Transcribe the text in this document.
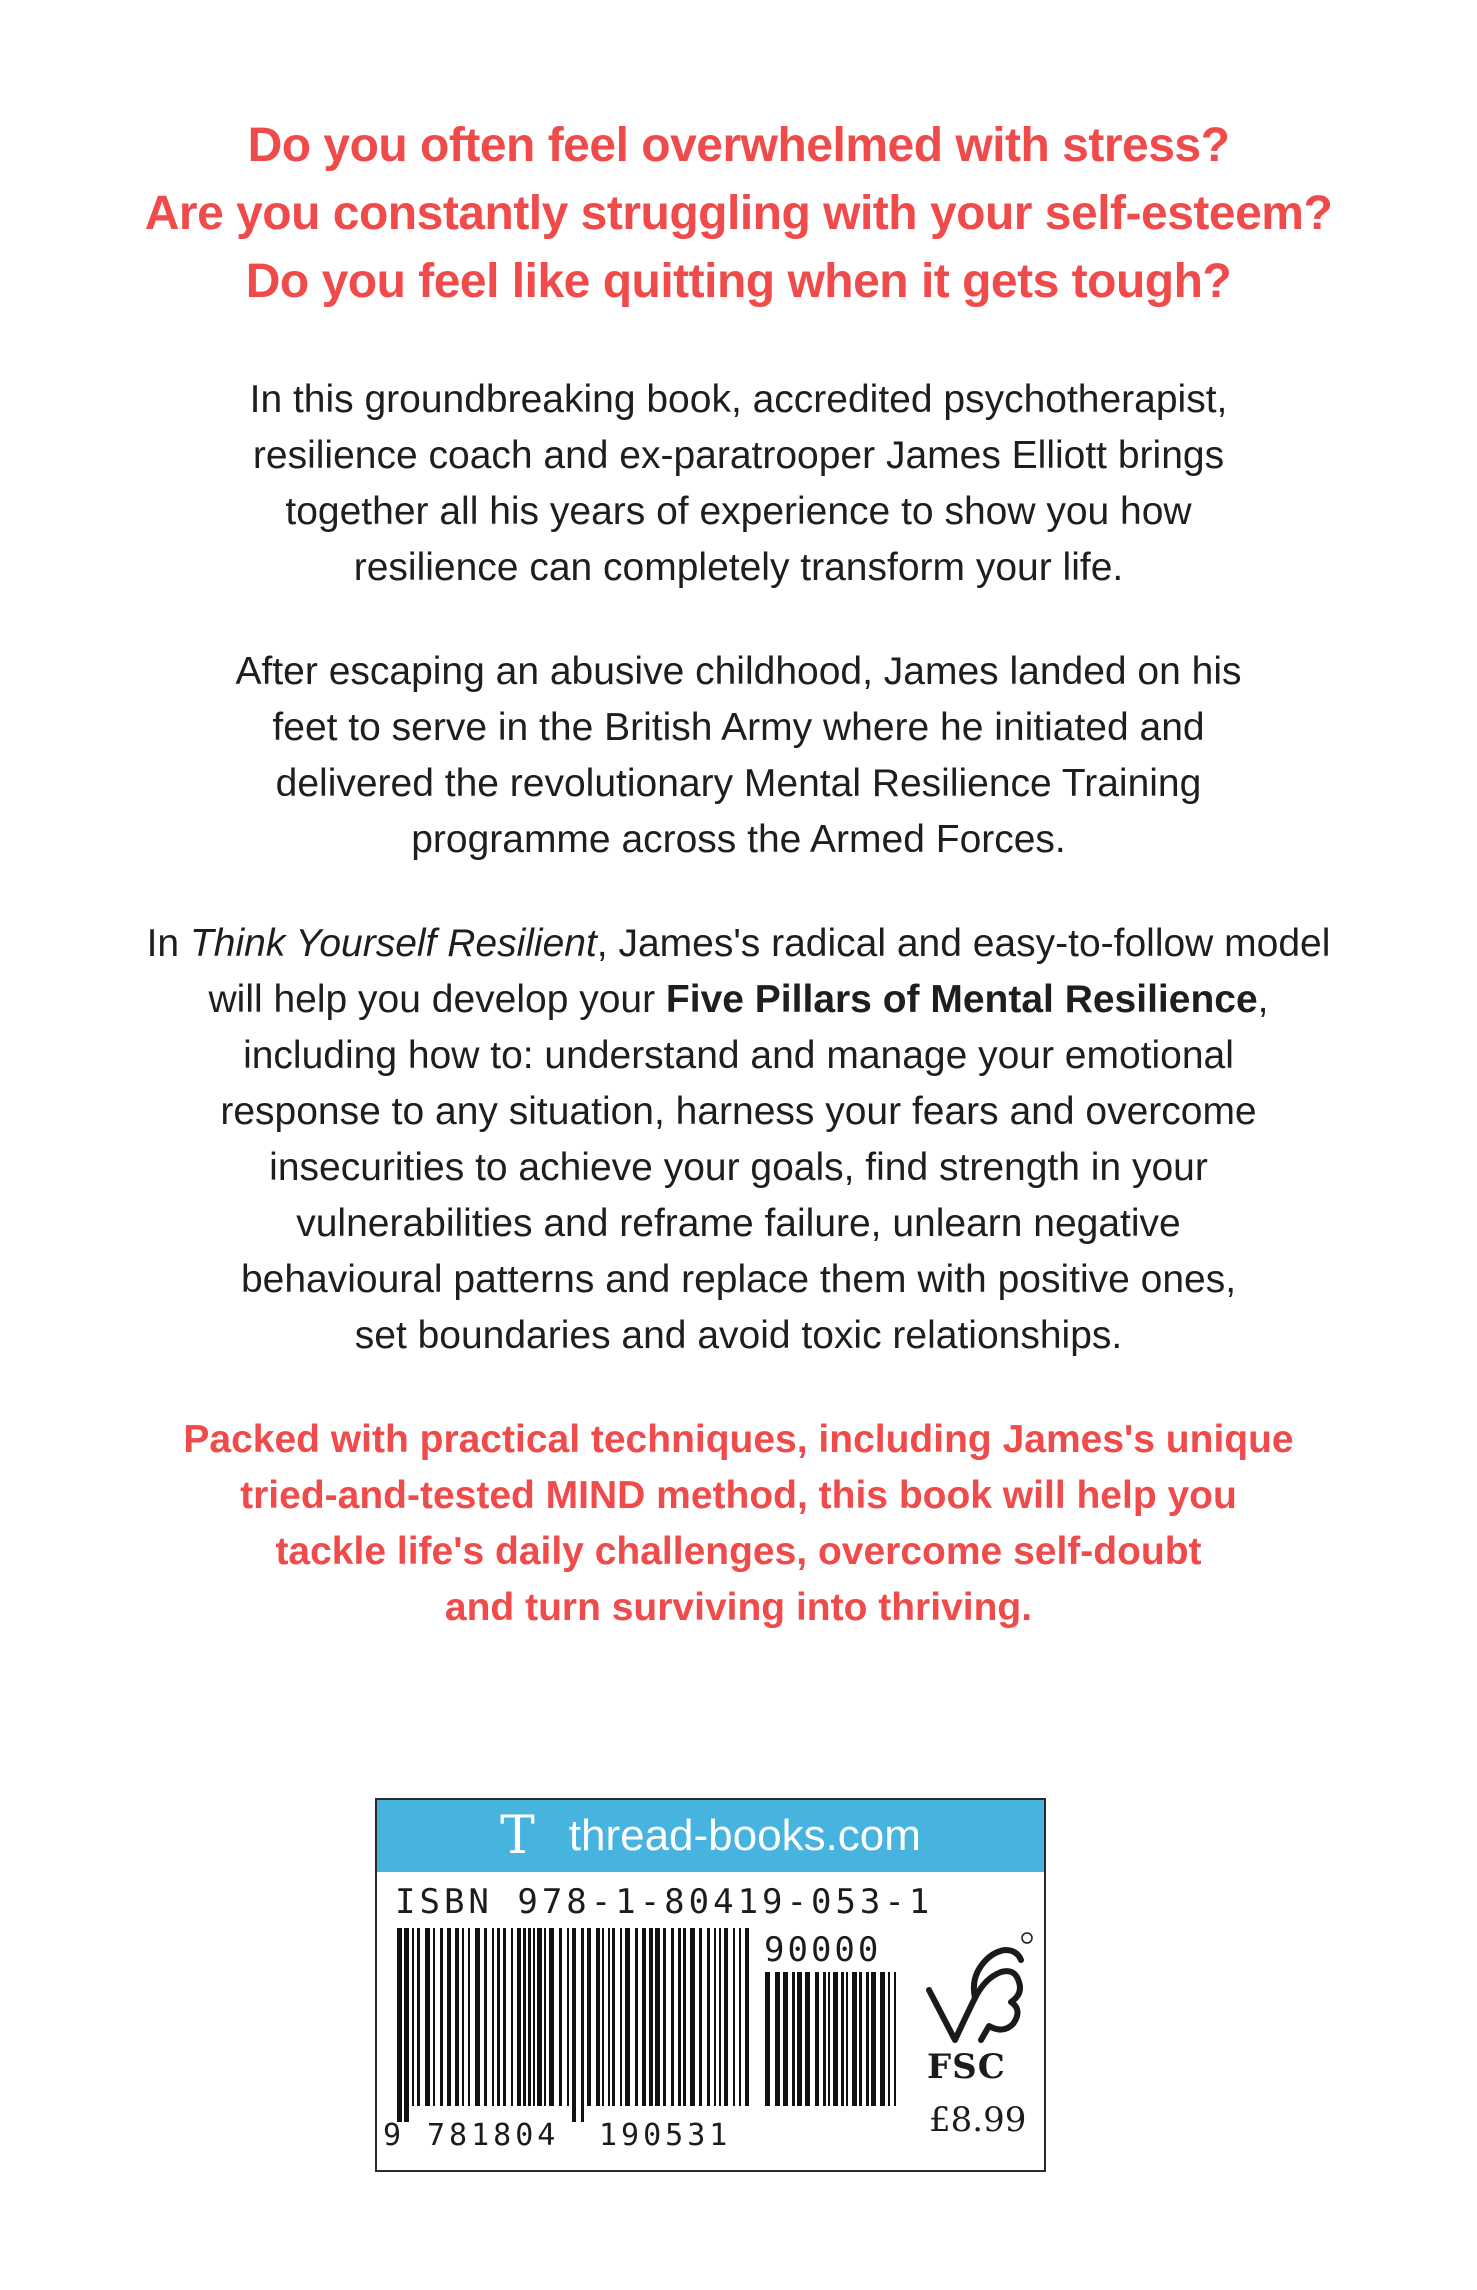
Do you often feel overwhelmed with stress?
Are you constantly struggling with your self-esteem?
Do you feel like quitting when it gets tough?
In this groundbreaking book, accredited psychotherapist,
resilience coach and ex-paratrooper James Elliott brings
together all his years of experience to show you how
resilience can completely transform your life.
After escaping an abusive childhood, James landed on his
feet to serve in the British Army where he initiated and
delivered the revolutionary Mental Resilience Training
programme across the Armed Forces.
In Think Yourself Resilient, James's radical and easy-to-follow model
will help you develop your Five Pillars of Mental Resilience,
including how to: understand and manage your emotional
response to any situation, harness your fears and overcome
insecurities to achieve your goals, find strength in your
vulnerabilities and reframe failure, unlearn negative
behavioural patterns and replace them with positive ones,
set boundaries and avoid toxic relationships.
Packed with practical techniques, including James's unique
tried-and-tested MIND method, this book will help you
tackle life's daily challenges, overcome self-doubt
and turn surviving into thriving.
T thread-books.com
ISBN 978-1-80419-053-1
90000
9 781804 190531
FSC
£8.99
